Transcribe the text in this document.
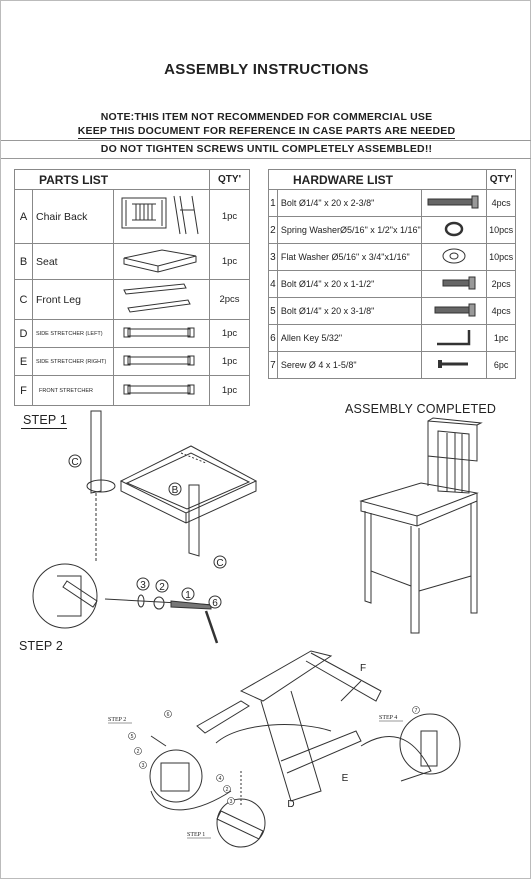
ASSEMBLY INSTRUCTIONS
NOTE:THIS ITEM NOT RECOMMENDED FOR COMMERCIAL USE
KEEP THIS DOCUMENT FOR REFERENCE IN CASE PARTS ARE NEEDED
DO NOT TIGHTEN SCREWS UNTIL COMPLETELY ASSEMBLED!!
PARTS LIST			QTY'
A	Chair Back		1pc
B	Seat		1pc
C	Front Leg		2pcs
D	SIDE STRETCHER (LEFT)		1pc
E	SIDE STRETCHER (RIGHT)		1pc
F	FRONT STRETCHER		1pc
HARDWARE LIST			QTY'
1	Bolt Ø1/4" x 20 x 2-3/8"		4pcs
2	Spring WasherØ5/16" x 1/2"x 1/16"		10pcs
3	Flat Washer Ø5/16" x 3/4"x1/16"		10pcs
4	Bolt Ø1/4" x 20 x 1-1/2"		2pcs
5	Bolt Ø1/4" x 20 x 3-1/8"		4pcs
6	Allen Key 5/32"		1pc
7	Serew Ø 4 x 1-5/8"		6pc
STEP 1
STEP 2
ASSEMBLY COMPLETED
C
B
C
3 2
1
6
F
E
D
STEP 2	STEP 4
STEP 1
6
5
2
3
4
2
3
7
